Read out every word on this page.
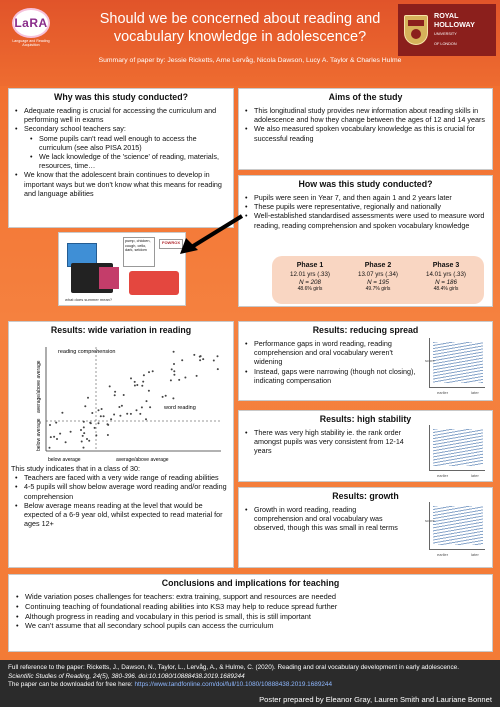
LaRA
Language and Reading Acquisition
Should we be concerned about reading and
vocabulary knowledge in adolescence?
Summary of paper by: Jessie Ricketts, Arne Lervåg, Nicola Dawson, Lucy A. Taylor & Charles Hulme
ROYAL
HOLLOWAY
UNIVERSITY
OF LONDON
Why was this study conducted?
• Adequate reading is crucial for accessing the curriculum and performing well in exams
• Secondary school teachers say:
• Some pupils can't read well enough to access the curriculum (see also PISA 2015)
• We lack knowledge of the 'science' of reading, materials, resources, time…
• We know that the adolescent brain continues to develop in important ways but we don't know what this means for reading and language abilities
Aims of the study
• This longitudinal study provides new information about reading skills in adolescence and how they change between the ages of 12 and 14 years
• We also measured spoken vocabulary knowledge as this is crucial for successful reading
How was this study conducted?
• Pupils were seen in Year 7, and then again 1 and 2 years later
• These pupils were representative, regionally and nationally
• Well-established standardised assessments were used to measure word reading, reading comprehension and spoken vocabulary knowledge
Phase 1
12.01 yrs (.33)
N = 208
48.6% girls
Phase 2
13.07 yrs (.34)
N = 195
49.7% girls
Phase 3
14.01 yrs (.33)
N = 186
48.4% girls
pump, chicken, cough, cello, dark, seldom
FOWROX
what does summer mean?
Results: wide variation in reading
reading comprehension
word reading
below average	average/above average
average/above average
below average
This study indicates that in a class of 30:
• Teachers are faced with a very wide range of reading abilities
• 4-5 pupils will show below average word reading and/or reading comprehension
• Below average means reading at the level that would be expected of a 6-9 year old, whilst expected to read material for ages 12+
Results: reducing spread
• Performance gaps in word reading, reading comprehension and oral vocabulary weren't widening
• Instead, gaps were narrowing (though not closing), indicating compensation
score
earlier	later
Results: high stability
• There was very high stability ie. the rank order amongst pupils was very consistent from 12-14 years
earlier	later
Results: growth
• Growth in word reading, reading comprehension and oral vocabulary was observed, though this was small in real terms
score
earlier	later
Conclusions and implications for teaching
• Wide variation poses challenges for teachers: extra training, support and resources are needed
• Continuing teaching of foundational reading abilities into KS3 may help to reduce spread further
• Although progress in reading and vocabulary in this period is small, this is still important
• We can't assume that all secondary school pupils can access the curriculum
Full reference to the paper: Ricketts, J., Dawson, N., Taylor, L., Lervåg, A., & Hulme, C. (2020). Reading and oral vocabulary development in early adolescence.
Scientific Studies of Reading, 24(5), 380-396. doi:10.1080/10888438.2019.1689244
The paper can be downloaded for free here: https://www.tandfonline.com/doi/full/10.1080/10888438.2019.1689244
Poster prepared by Eleanor Gray, Lauren Smith and Lauriane Bonnet
